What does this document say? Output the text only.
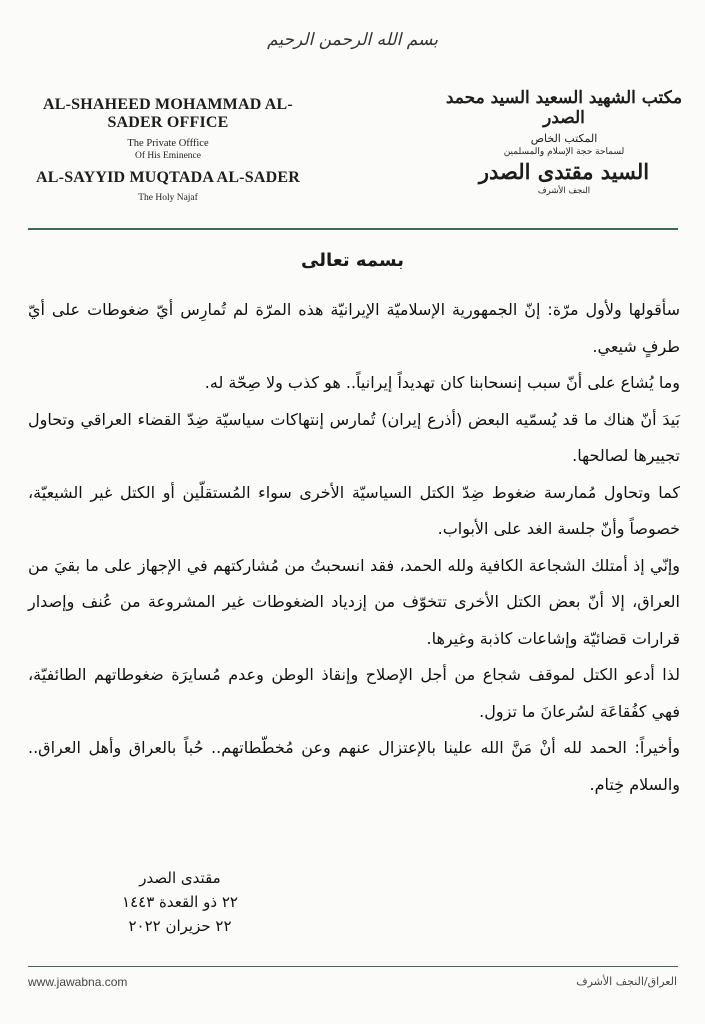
بسم الله الرحمن الرحيم
AL-SHAHEED MOHAMMAD AL-SADER OFFICE
The Private Offfice
Of His Eminence
AL-SAYYID MUQTADA AL-SADER
The Holy Najaf
مكتب الشهيد السعيد السيد محمد الصدر
المكتب الخاص
لسماحة حجة الإسلام والمسلمين
السيد مقتدى الصدر
النجف الأشرف
بسمه تعالى

سأقولها ولأول مرّة: إنّ الجمهورية الإسلاميّة الإيرانيّة هذه المرّة لم تُمارِس أيّ ضغوطات على أيّ طرفٍ شيعي.

وما يُشاع على أنّ سبب إنسحابنا كان تهديداً إيرانياً.. هو كذب ولا صِحّة له.

بَيدَ أنّ هناك ما قد يُسمّيه البعض (أذرع إيران) تُمارس إنتهاكات سياسيّة ضِدّ القضاء العراقي وتحاول تجييرها لصالحها.

كما وتحاول مُمارسة ضغوط ضِدّ الكتل السياسيّة الأخرى سواء المُستقلّين أو الكتل غير الشيعيّة، خصوصاً وأنّ جلسة الغد على الأبواب.

وإنّي إذ أمتلك الشجاعة الكافية ولله الحمد، فقد انسحبتُ من مُشاركتهم في الإجهاز على ما بقيَ من العراق، إلا أنّ بعض الكتل الأخرى تتخوّف من إزدياد الضغوطات غير المشروعة من عُنف وإصدار قرارات قضائيّة وإشاعات كاذبة وغيرها.

لذا أدعو الكتل لموقف شجاع من أجل الإصلاح وإنقاذ الوطن وعدم مُسايرَة ضغوطاتهم الطائفيّة، فهي كفُقاعَة لسُرعانَ ما تزول.

وأخيراً: الحمد لله أنْ مَنَّ الله علينا بالإعتزال عنهم وعن مُخطّطاتهم.. حُباً بالعراق وأهل العراق.. والسلام خِتام.

مقتدى الصدر
٢٢ ذو القعدة ١٤٤٣
٢٢ حزيران ٢٠٢٢
www.jawabna.com	العراق/النجف الأشرف
